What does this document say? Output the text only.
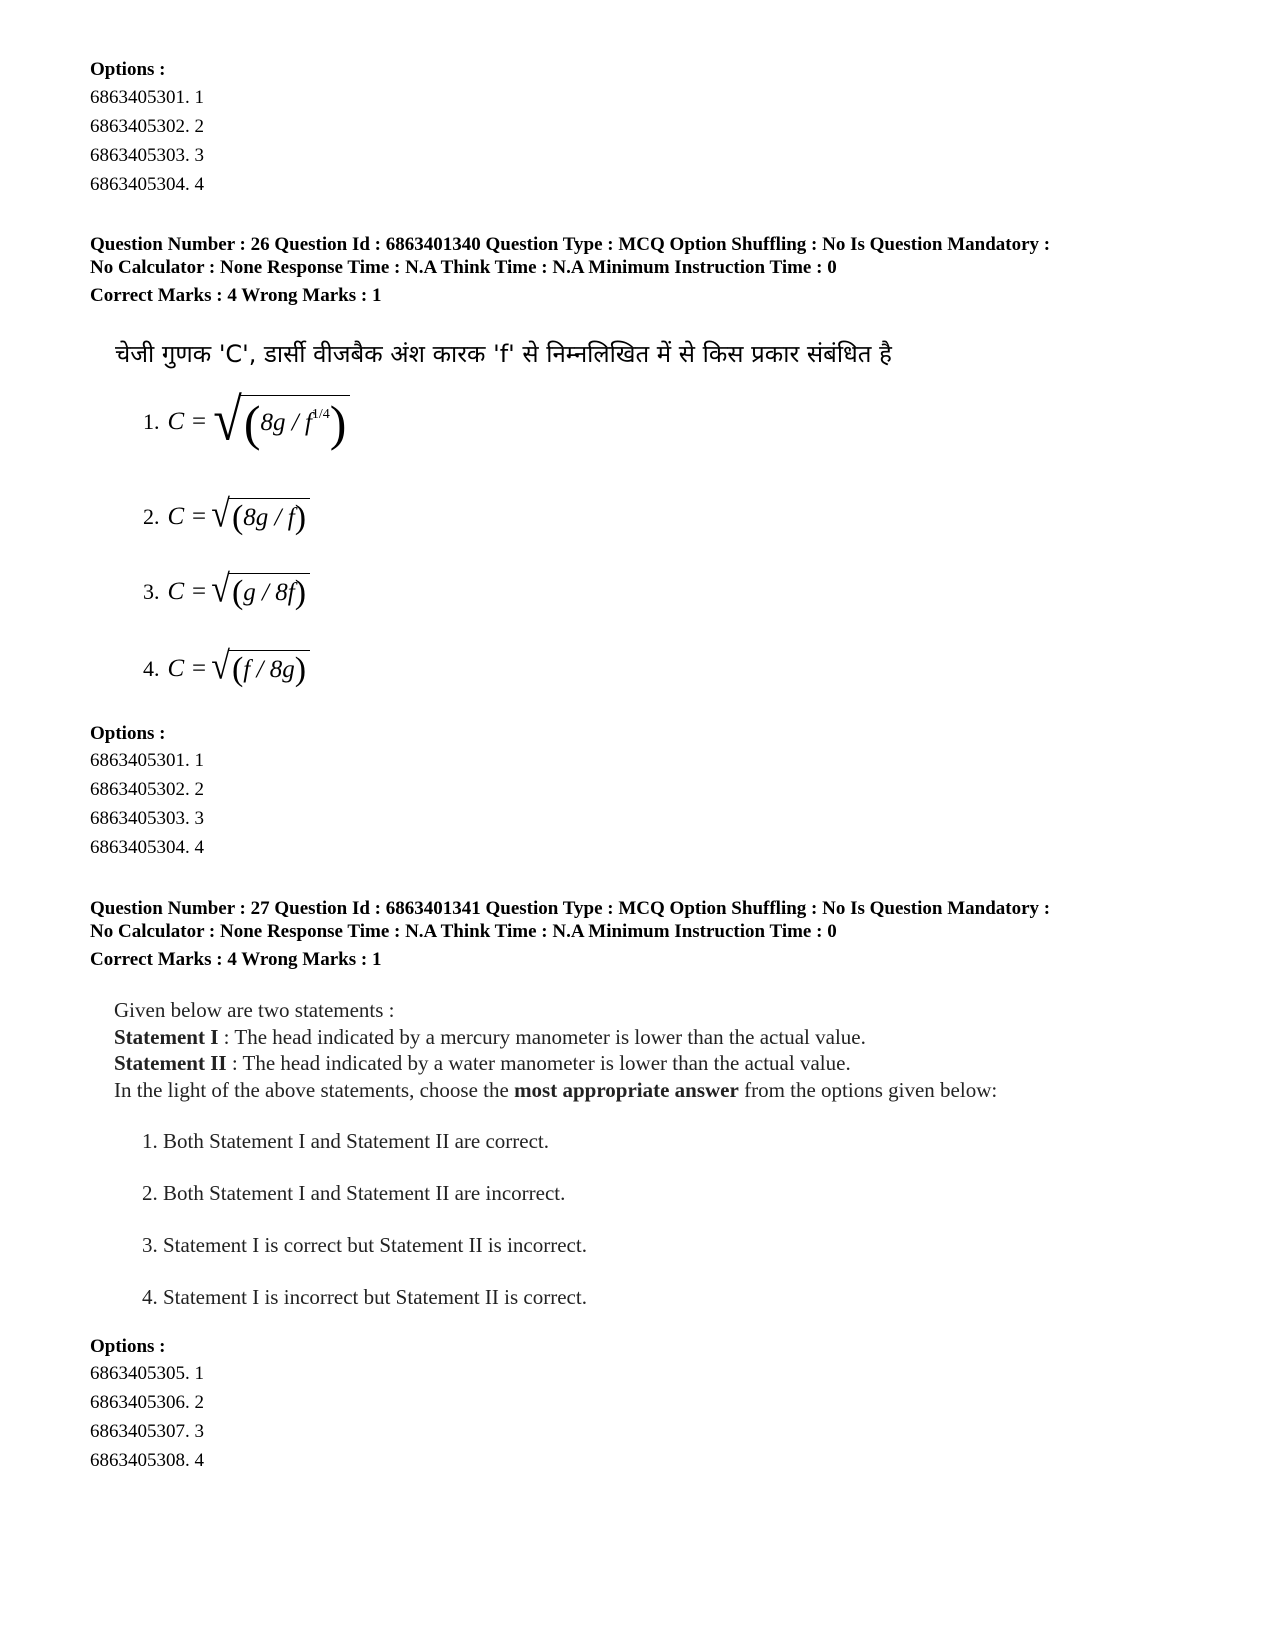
Options :
6863405301. 1
6863405302. 2
6863405303. 3
6863405304. 4
Question Number : 26 Question Id : 6863401340 Question Type : MCQ Option Shuffling : No Is Question Mandatory :
No Calculator : None Response Time : N.A Think Time : N.A Minimum Instruction Time : 0
Correct Marks : 4 Wrong Marks : 1
चेजी गुणक 'C', डार्सी वीजबैक अंश कारक 'f' से निम्नलिखित में से किस प्रकार संबंधित है
1. C = √ ( 8g / f 1/4 )
2. C = √ ( 8g / f )
3. C = √ ( g / 8f )
4. C = √ ( f / 8g )
Options :
6863405301. 1
6863405302. 2
6863405303. 3
6863405304. 4
Question Number : 27 Question Id : 6863401341 Question Type : MCQ Option Shuffling : No Is Question Mandatory :
No Calculator : None Response Time : N.A Think Time : N.A Minimum Instruction Time : 0
Correct Marks : 4 Wrong Marks : 1
Given below are two statements :
Statement I : The head indicated by a mercury manometer is lower than the actual value.
Statement II : The head indicated by a water manometer is lower than the actual value.
In the light of the above statements, choose the most appropriate answer from the options given below:
1. Both Statement I and Statement II are correct.
2. Both Statement I and Statement II are incorrect.
3. Statement I is correct but Statement II is incorrect.
4. Statement I is incorrect but Statement II is correct.
Options :
6863405305. 1
6863405306. 2
6863405307. 3
6863405308. 4
